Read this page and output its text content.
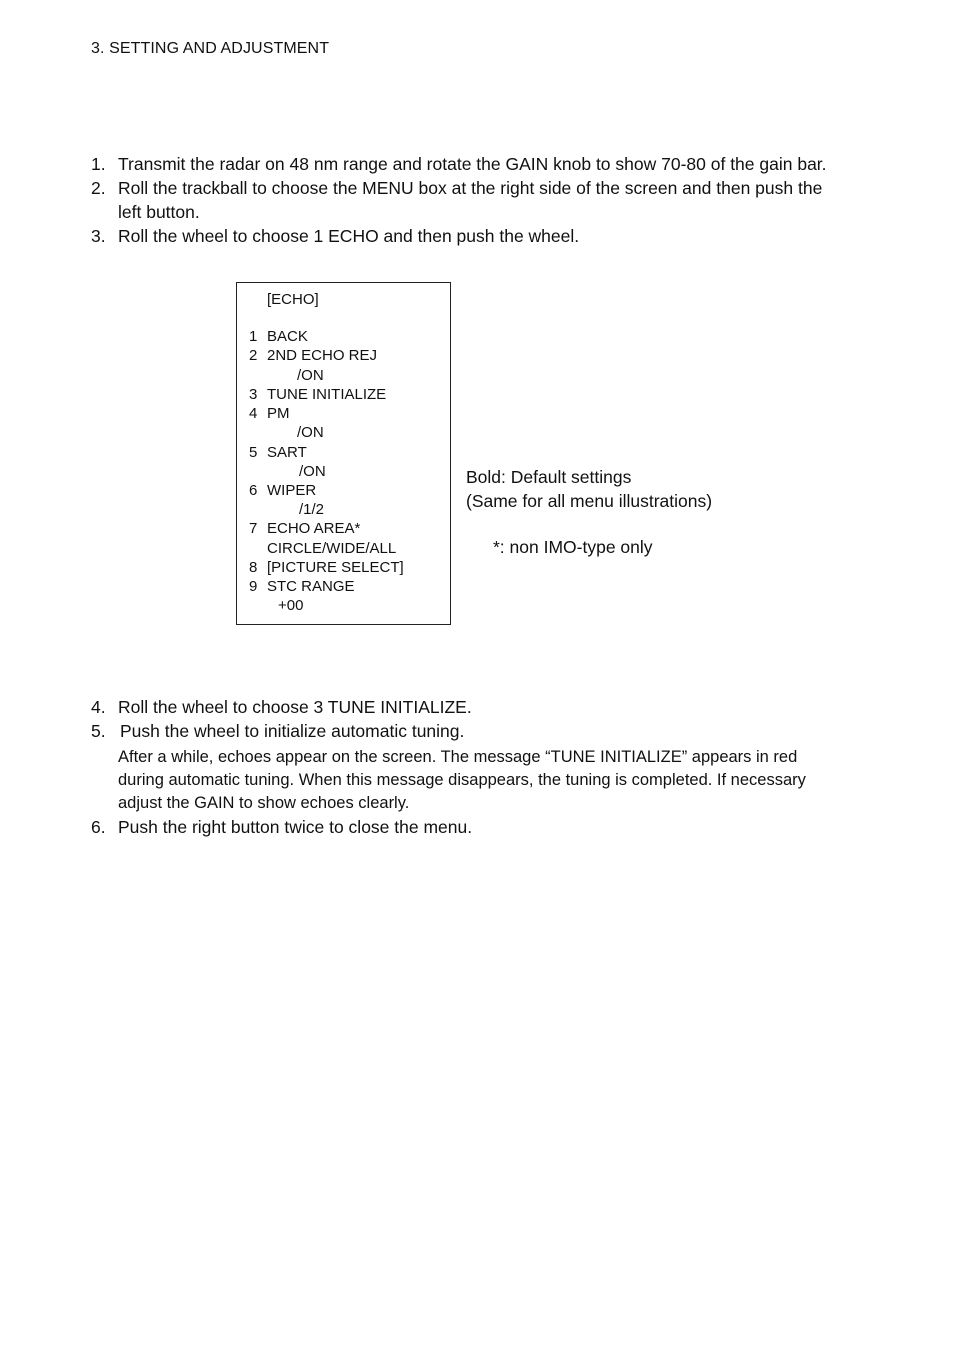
3. SETTING AND ADJUSTMENT
1. Transmit the radar on 48 nm range and rotate the GAIN knob to show 70-80 of the gain bar.
2. Roll the trackball to choose the MENU box at the right side of the screen and then push the left button.
3. Roll the wheel to choose 1 ECHO and then push the wheel.
[ECHO]
1 BACK
2 2ND ECHO REJ
/ON
3 TUNE INITIALIZE
4 PM
/ON
5 SART
/ON
6 WIPER
/1/2
7 ECHO AREA*
CIRCLE/WIDE/ALL
8 [PICTURE SELECT]
9 STC RANGE
+00
Bold: Default settings
(Same for all menu illustrations)
*: non IMO-type only
4. Roll the wheel to choose 3 TUNE INITIALIZE.
5. Push the wheel to initialize automatic tuning.
After a while, echoes appear on the screen. The message “TUNE INITIALIZE” appears in red during automatic tuning. When this message disappears, the tuning is completed. If necessary adjust the GAIN to show echoes clearly.
6. Push the right button twice to close the menu.
